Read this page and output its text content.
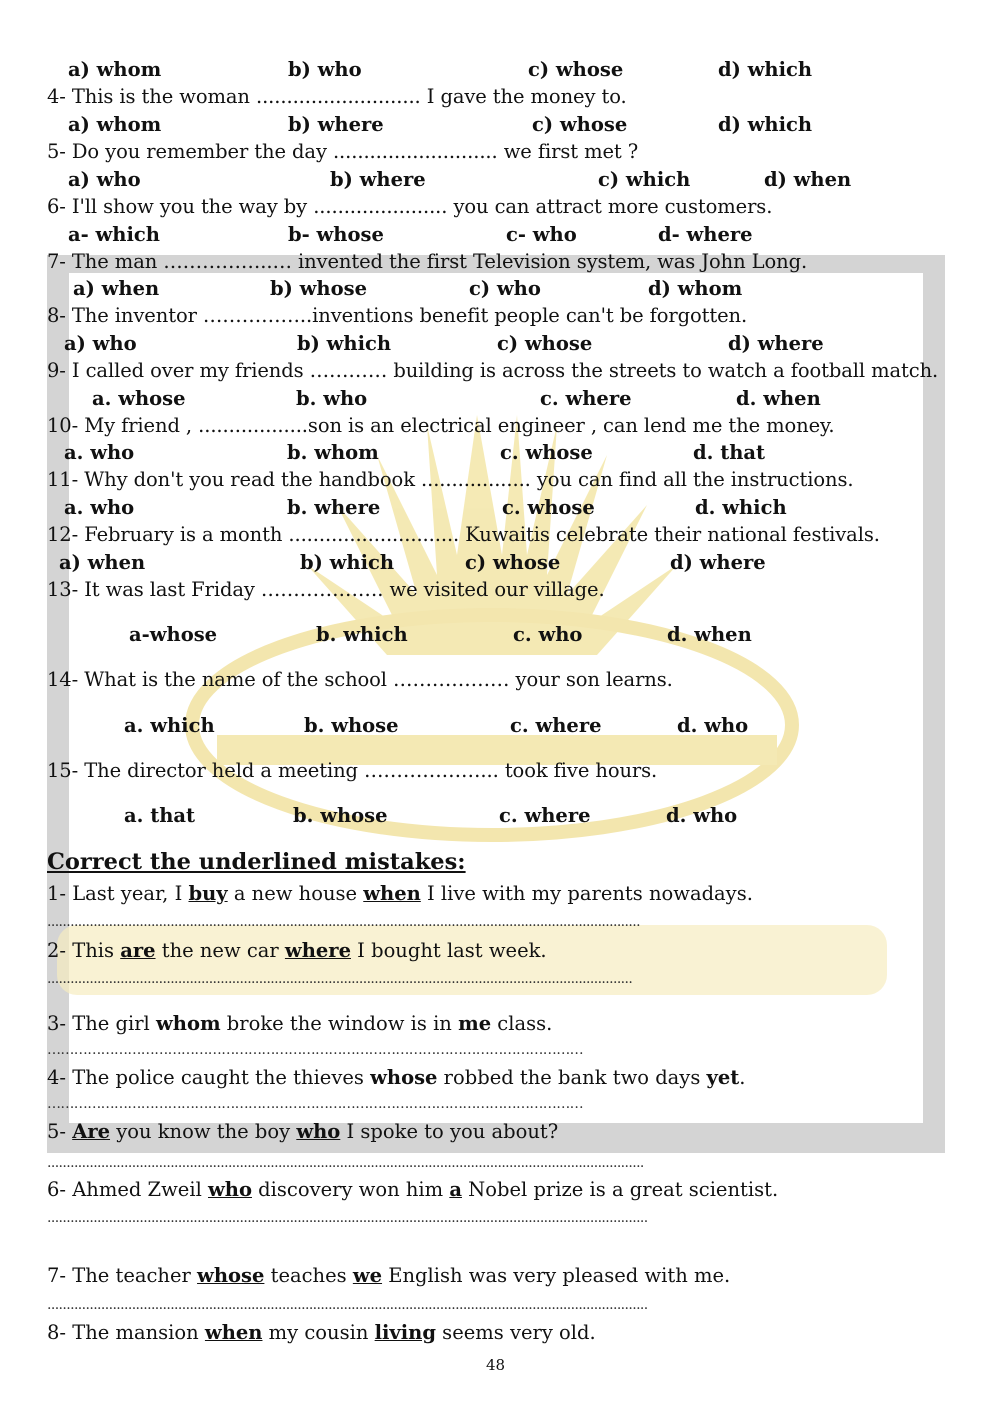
a) whom	b) who	c) whose	d) which
4- This is the woman ........................... I gave the money to.
a) whom	b) where	c) whose	d) which
5- Do you remember the day ........................... we first met ?
a) who	b) where	c) which	d) when
6- I'll show you the way by ...................... you can attract more customers.
a- which	b- whose	c- who	d- where
7- The man ……………..… invented the first Television system, was John Long.
a) when	b) whose	c) who	d) whom
8- The inventor ……………..inventions benefit people can't be forgotten.
a) who	b) which	c) whose	d) where
9- I called over my friends ………… building is across the streets to watch a football match.
a. whose	b. who	c. where	d. when
10- My friend , ..................son is an electrical engineer , can lend me the money.
a. who	b. whom	c. whose	d. that
11- Why don't you read the handbook .................. you can find all the instructions.
a. who	b. where	c. whose	d. which
12- February is a month ............................ Kuwaitis celebrate their national festivals.
a) when	b) which	c) whose	d) where
13- It was last Friday ………………. we visited our village.
a-whose	b. which	c. who	d. when
14- What is the name of the school ……………… your son learns.
a. which	b. whose	c. where	d. who
15- The director held a meeting ………………... took five hours.
a. that	b. whose	c. where	d. who
Correct the underlined mistakes:
1- Last year, I buy a new house when I live with my parents nowadays.
..........................................................................................................................................................
2- This are the new car where I bought last week.
........................................................................................................................................................
3- The girl whom broke the window is in me class.
…………………………………………………………………………………………………………
4- The police caught the thieves whose robbed the bank two days yet.
…………………………………………………………………………………………………………
5- Are you know the boy who I spoke to you about?
...........................................................................................................................................................
6- Ahmed Zweil who discovery won him a Nobel prize is a great scientist.
............................................................................................................................................................
7- The teacher whose teaches we English was very pleased with me.
............................................................................................................................................................
8- The mansion when my cousin living seems very old.
48
